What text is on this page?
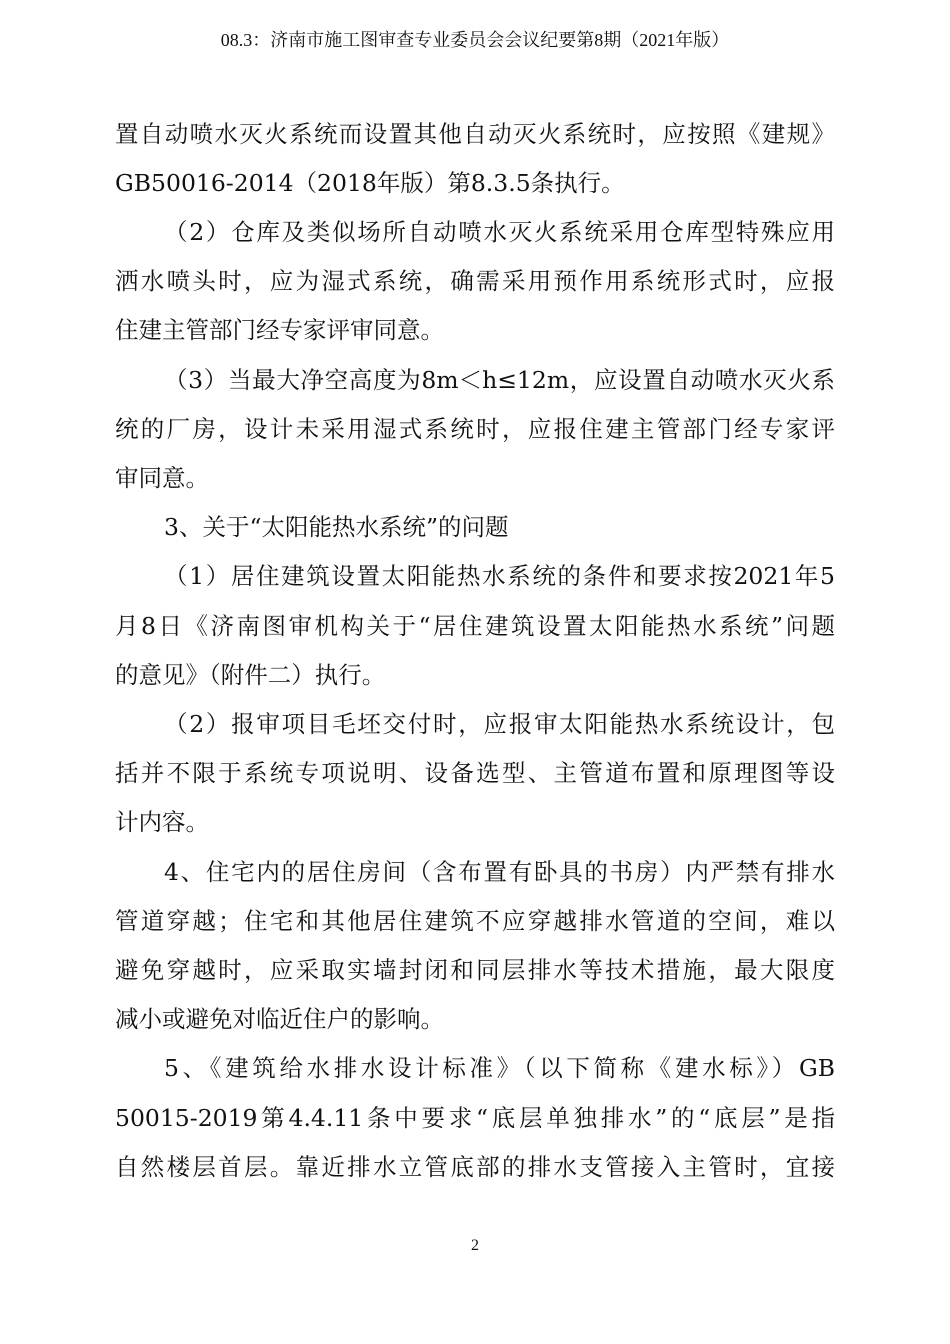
08.3：济南市施工图审查专业委员会会议纪要第8期（2021年版）
置自动喷水灭火系统而设置其他自动灭火系统时，应按照《建规》
GB50016-2014（2018年版）第8.3.5条执行。
（2）仓库及类似场所自动喷水灭火系统采用仓库型特殊应用
洒水喷头时，应为湿式系统，确需采用预作用系统形式时，应报
住建主管部门经专家评审同意。
（3）当最大净空高度为8m＜h≤12m，应设置自动喷水灭火系
统的厂房，设计未采用湿式系统时，应报住建主管部门经专家评
审同意。
3、关于“太阳能热水系统”的问题
（1）居住建筑设置太阳能热水系统的条件和要求按2021年5
月8日《济南图审机构关于“居住建筑设置太阳能热水系统”问题
的意见》（附件二）执行。
（2）报审项目毛坯交付时，应报审太阳能热水系统设计，包
括并不限于系统专项说明、设备选型、主管道布置和原理图等设
计内容。
4、住宅内的居住房间（含布置有卧具的书房）内严禁有排水
管道穿越；住宅和其他居住建筑不应穿越排水管道的空间，难以
避免穿越时，应采取实墙封闭和同层排水等技术措施，最大限度
减小或避免对临近住户的影响。
5、《建筑给水排水设计标准》（以下简称《建水标》）GB
50015-2019第4.4.11条中要求“底层单独排水”的“底层”是指
自然楼层首层。靠近排水立管底部的排水支管接入主管时，宜接
2
